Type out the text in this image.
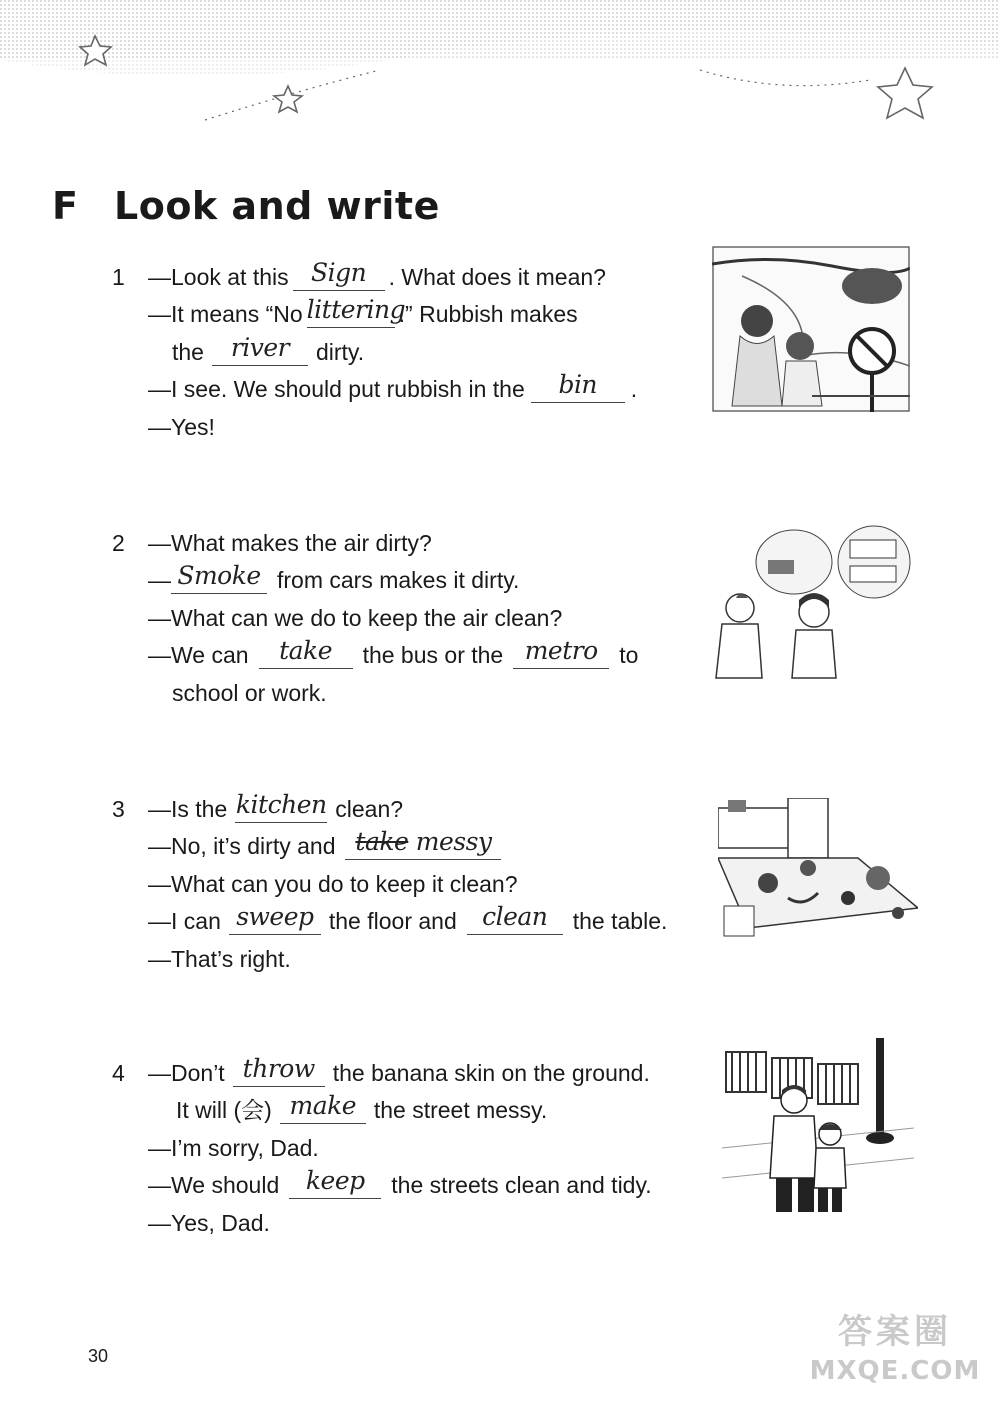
F Look and write
1	—Look at this Sign . What does it mean?
—It means “No littering.” Rubbish makes
the river dirty.
—I see. We should put rubbish in the bin .
—Yes!
2	—What makes the air dirty?
— Smoke from cars makes it dirty.
—What can we do to keep the air clean?
—We can take the bus or the metro to
school or work.
3	—Is the kitchen clean?
—No, it’s dirty and take messy
—What can you do to keep it clean?
—I can sweep the floor and clean the table.
—That’s right.
4	—Don’t throw the banana skin on the ground.
It will (会) make the street messy.
—I’m sorry, Dad.
—We should keep the streets clean and tidy.
—Yes, Dad.
30
答案圈
MXQE.COM
